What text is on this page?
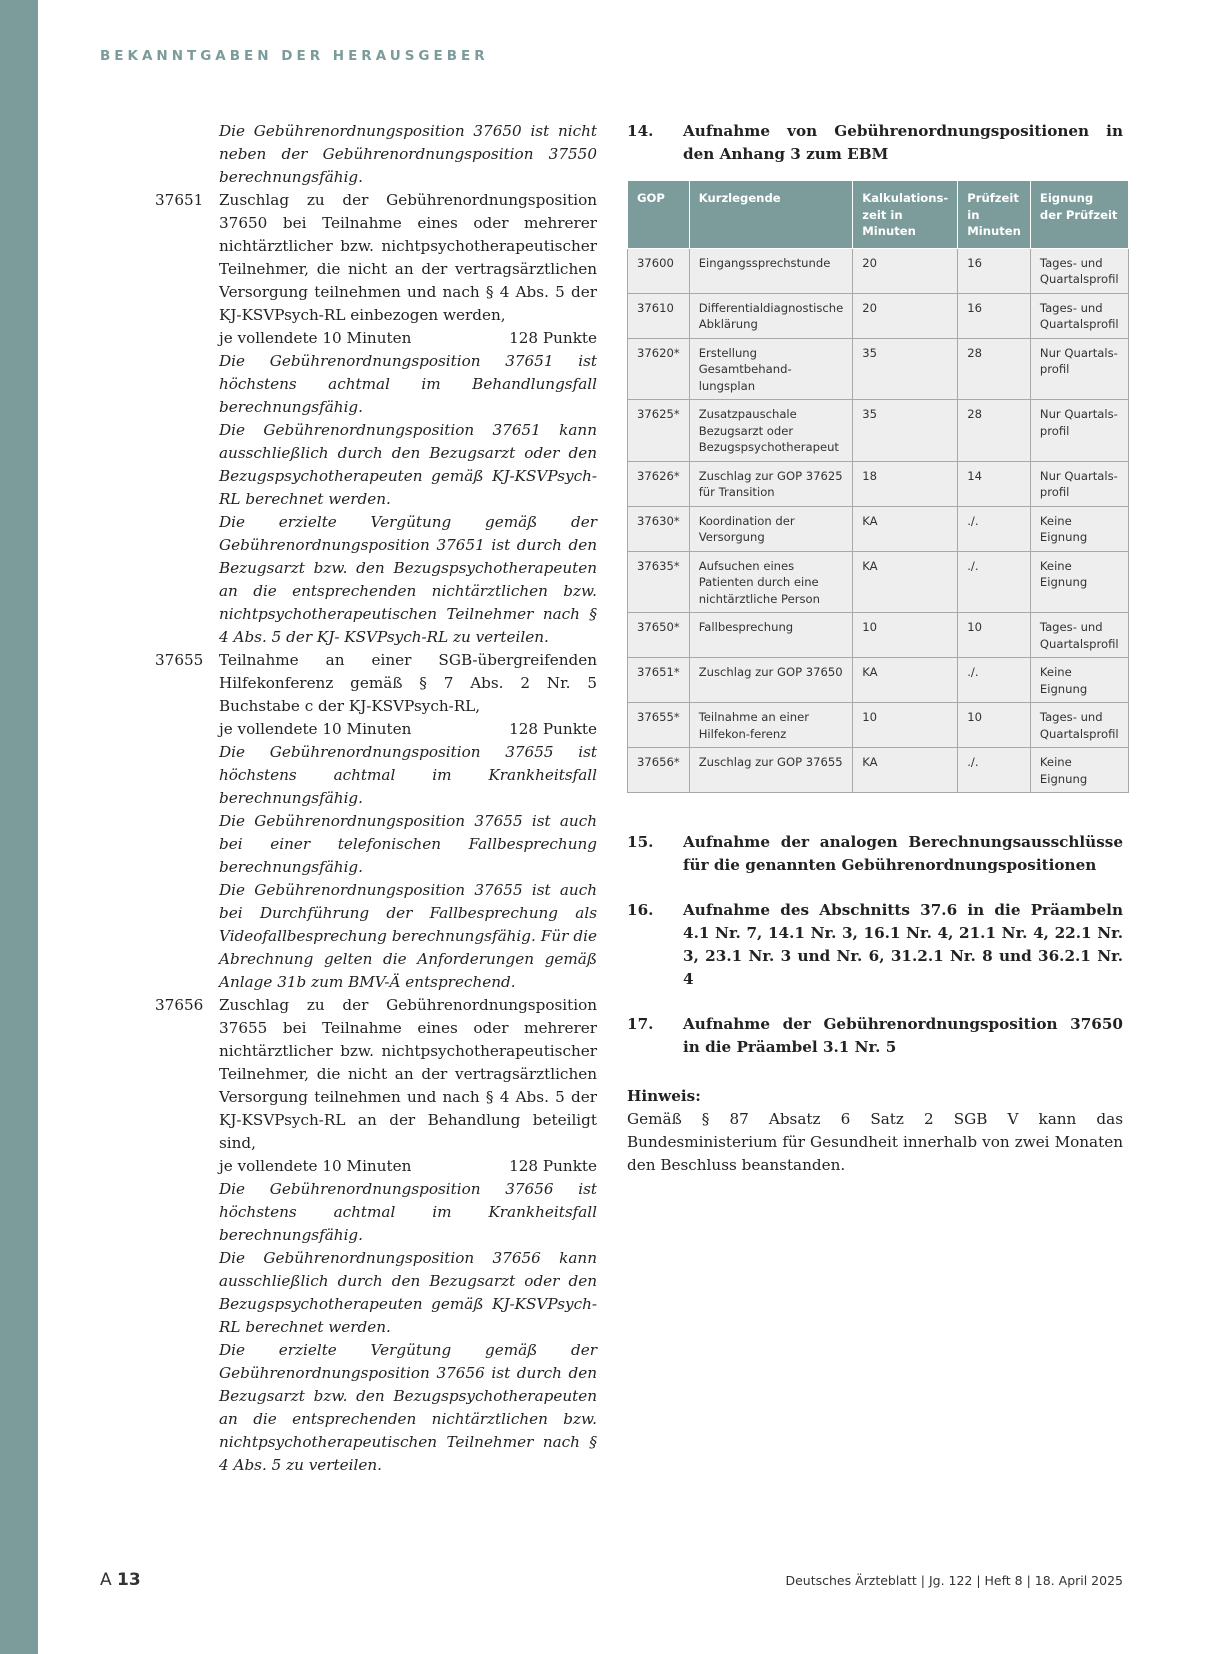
BEKANNTGABEN DER HERAUSGEBER
Die Gebührenordnungsposition 37650 ist nicht neben der Gebührenordnungsposition 37550 berechnungsfähig.
37651	Zuschlag zu der Gebührenordnungsposition 37650 bei Teilnahme eines oder mehrerer nichtärztlicher bzw. nichtpsychotherapeutischer Teilnehmer, die nicht an der vertragsärztlichen Versorgung teilnehmen und nach § 4 Abs. 5 der KJ-KSVPsych-RL einbezogen werden,
je vollendete 10 Minuten	128 Punkte
Die Gebührenordnungsposition 37651 ist höchstens achtmal im Behandlungsfall berechnungsfähig.
Die Gebührenordnungsposition 37651 kann ausschließlich durch den Bezugsarzt oder den Bezugspsychotherapeuten gemäß KJ-KSVPsych-RL berechnet werden.
Die erzielte Vergütung gemäß der Gebührenordnungsposition 37651 ist durch den Bezugsarzt bzw. den Bezugspsychotherapeuten an die entsprechenden nichtärztlichen bzw. nichtpsychotherapeutischen Teilnehmer nach § 4 Abs. 5 der KJ- KSVPsych-RL zu verteilen.
37655	Teilnahme an einer SGB-übergreifenden Hilfekonferenz gemäß § 7 Abs. 2 Nr. 5 Buchstabe c der KJ-KSVPsych-RL,
je vollendete 10 Minuten	128 Punkte
Die Gebührenordnungsposition 37655 ist höchstens achtmal im Krankheitsfall berechnungsfähig.
Die Gebührenordnungsposition 37655 ist auch bei einer telefonischen Fallbesprechung berechnungsfähig.
Die Gebührenordnungsposition 37655 ist auch bei Durchführung der Fallbesprechung als Videofallbesprechung berechnungsfähig. Für die Abrechnung gelten die Anforderungen gemäß Anlage 31b zum BMV-Ä entsprechend.
37656	Zuschlag zu der Gebührenordnungsposition 37655 bei Teilnahme eines oder mehrerer nichtärztlicher bzw. nichtpsychotherapeutischer Teilnehmer, die nicht an der vertragsärztlichen Versorgung teilnehmen und nach § 4 Abs. 5 der KJ-KSVPsych-RL an der Behandlung beteiligt sind,
je vollendete 10 Minuten	128 Punkte
Die Gebührenordnungsposition 37656 ist höchstens achtmal im Krankheitsfall berechnungsfähig.
Die Gebührenordnungsposition 37656 kann ausschließlich durch den Bezugsarzt oder den Bezugspsychotherapeuten gemäß KJ-KSVPsych-RL berechnet werden.
Die erzielte Vergütung gemäß der Gebührenordnungsposition 37656 ist durch den Bezugsarzt bzw. den Bezugspsychotherapeuten an die entsprechenden nichtärztlichen bzw. nichtpsychotherapeutischen Teilnehmer nach § 4 Abs. 5 zu verteilen.
14.	Aufnahme von Gebührenordnungspositionen in den Anhang 3 zum EBM
GOP	Kurzlegende	Kalkulations-zeit in Minuten	Prüfzeit in Minuten	Eignung der Prüfzeit
37600	Eingangssprechstunde	20	16	Tages- und Quartalsprofil
37610	Differentialdiagnostische Abklärung	20	16	Tages- und Quartalsprofil
37620*	Erstellung Gesamtbehand-lungsplan	35	28	Nur Quartals-profil
37625*	Zusatzpauschale Bezugsarzt oder Bezugspsychotherapeut	35	28	Nur Quartals-profil
37626*	Zuschlag zur GOP 37625 für Transition	18	14	Nur Quartals-profil
37630*	Koordination der Versorgung	KA	./.	Keine Eignung
37635*	Aufsuchen eines Patienten durch eine nichtärztliche Person	KA	./.	Keine Eignung
37650*	Fallbesprechung	10	10	Tages- und Quartalsprofil
37651*	Zuschlag zur GOP 37650	KA	./.	Keine Eignung
37655*	Teilnahme an einer Hilfekon-ferenz	10	10	Tages- und Quartalsprofil
37656*	Zuschlag zur GOP 37655	KA	./.	Keine Eignung
15.	Aufnahme der analogen Berechnungsausschlüsse für die genannten Gebührenordnungspositionen
16.	Aufnahme des Abschnitts 37.6 in die Präambeln 4.1 Nr. 7, 14.1 Nr. 3, 16.1 Nr. 4, 21.1 Nr. 4, 22.1 Nr. 3, 23.1 Nr. 3 und Nr. 6, 31.2.1 Nr. 8 und 36.2.1 Nr. 4
17.	Aufnahme der Gebührenordnungsposition 37650 in die Präambel 3.1 Nr. 5
Hinweis:
Gemäß § 87 Absatz 6 Satz 2 SGB V kann das Bundesministerium für Gesundheit innerhalb von zwei Monaten den Beschluss beanstanden.
A 13	Deutsches Ärzteblatt | Jg. 122 | Heft 8 | 18. April 2025
